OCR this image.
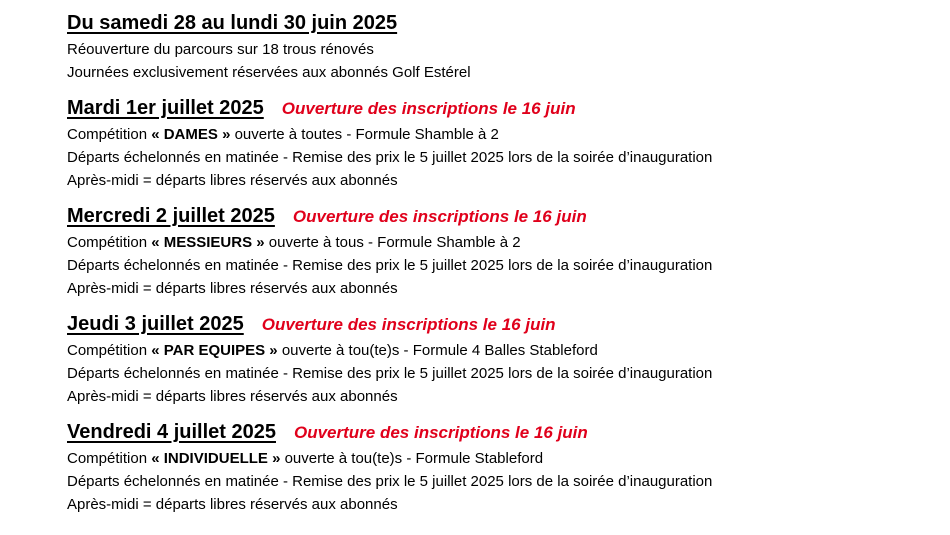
Du samedi 28 au lundi 30 juin 2025
Réouverture du parcours sur 18 trous rénovés
Journées exclusivement réservées aux abonnés Golf Estérel
Mardi 1er juillet 2025 Ouverture des inscriptions le 16 juin
Compétition « DAMES » ouverte à toutes - Formule Shamble à 2
Départs échelonnés en matinée - Remise des prix le 5 juillet 2025 lors de la soirée d’inauguration
Après-midi = départs libres réservés aux abonnés
Mercredi 2 juillet 2025 Ouverture des inscriptions le 16 juin
Compétition « MESSIEURS » ouverte à tous - Formule Shamble à 2
Départs échelonnés en matinée - Remise des prix le 5 juillet 2025 lors de la soirée d’inauguration
Après-midi = départs libres réservés aux abonnés
Jeudi 3 juillet 2025 Ouverture des inscriptions le 16 juin
Compétition « PAR EQUIPES » ouverte à tou(te)s - Formule 4 Balles Stableford
Départs échelonnés en matinée - Remise des prix le 5 juillet 2025 lors de la soirée d’inauguration
Après-midi = départs libres réservés aux abonnés
Vendredi 4 juillet 2025 Ouverture des inscriptions le 16 juin
Compétition « INDIVIDUELLE » ouverte à tou(te)s - Formule Stableford
Départs échelonnés en matinée - Remise des prix le 5 juillet 2025 lors de la soirée d’inauguration
Après-midi = départs libres réservés aux abonnés
